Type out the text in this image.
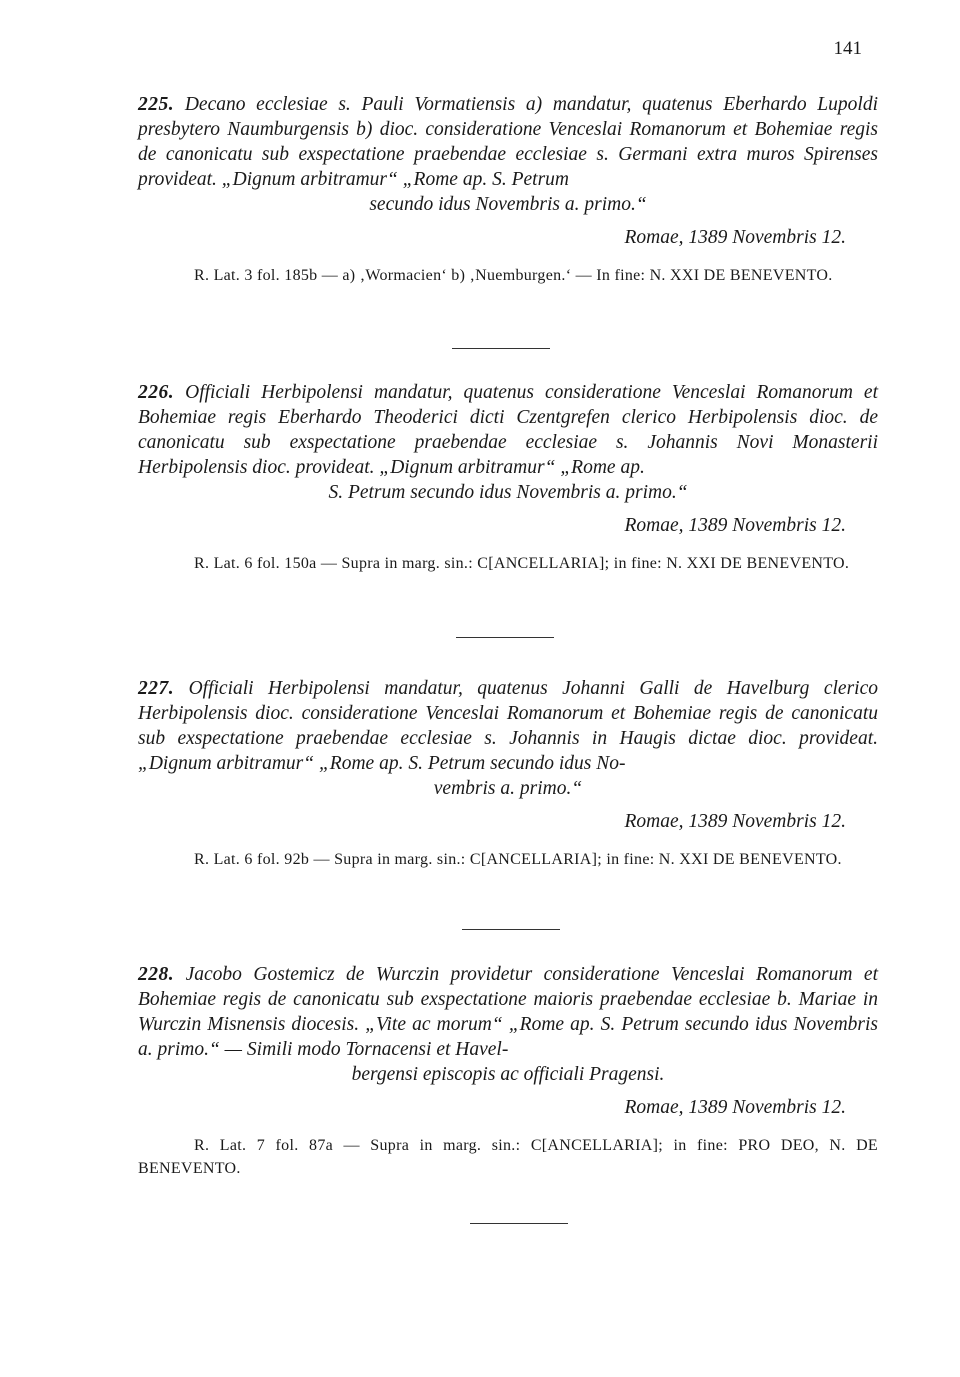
141

225. Decano ecclesiae s. Pauli Vormatiensis a) mandatur, quatenus Eberhardo Lupoldi presbytero Naumburgensis b) dioc. consideratione Venceslai Romanorum et Bohemiae regis de canonicatu sub exspectatione praebendae ecclesiae s. Germani extra muros Spirenses provideat. „Dignum arbitramur“ „Rome ap. S. Petrum

secundo idus Novembris a. primo.“

Romae, 1389 Novembris 12.

R. Lat. 3 fol. 185b — a) ‚Wormacien‘ b) ‚Nuemburgen.‘ — In fine: N. XXI DE BENEVENTO.

226. Officiali Herbipolensi mandatur, quatenus consideratione Venceslai Romanorum et Bohemiae regis Eberhardo Theoderici dicti Czentgrefen clerico Herbipolensis dioc. de canonicatu sub exspectatione praebendae ecclesiae s. Johannis Novi Monasterii Herbipolensis dioc. provideat. „Dignum arbitramur“ „Rome ap.

S. Petrum secundo idus Novembris a. primo.“

Romae, 1389 Novembris 12.

R. Lat. 6 fol. 150a — Supra in marg. sin.: C[ANCELLARIA]; in fine: N. XXI DE BENEVENTO.

227. Officiali Herbipolensi mandatur, quatenus Johanni Galli de Havelburg clerico Herbipolensis dioc. consideratione Venceslai Romanorum et Bohemiae regis de canonicatu sub exspectatione praebendae ecclesiae s. Johannis in Haugis dictae dioc. provideat. „Dignum arbitramur“ „Rome ap. S. Petrum secundo idus No-

vembris a. primo.“

Romae, 1389 Novembris 12.

R. Lat. 6 fol. 92b — Supra in marg. sin.: C[ANCELLARIA]; in fine: N. XXI DE BENEVENTO.

228. Jacobo Gostemicz de Wurczin providetur consideratione Venceslai Romanorum et Bohemiae regis de canonicatu sub exspectatione maioris praebendae ecclesiae b. Mariae in Wurczin Misnensis diocesis. „Vite ac morum“ „Rome ap. S. Petrum secundo idus Novembris a. primo.“ — Simili modo Tornacensi et Havel-

bergensi episcopis ac officiali Pragensi.

Romae, 1389 Novembris 12.

R. Lat. 7 fol. 87a — Supra in marg. sin.: C[ANCELLARIA]; in fine: PRO DEO, N. DE BENEVENTO.
